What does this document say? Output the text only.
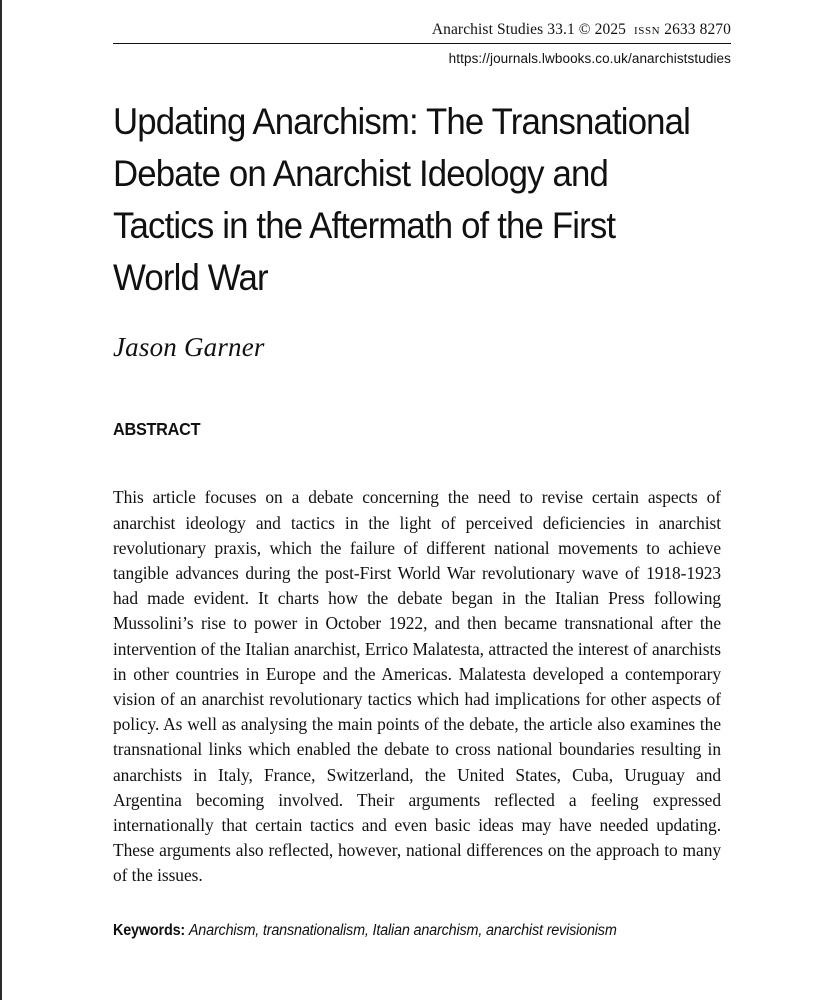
Anarchist Studies 33.1 © 2025 issn 2633 8270
https://journals.lwbooks.co.uk/anarchiststudies
Updating Anarchism: The Transnational
Debate on Anarchist Ideology and
Tactics in the Aftermath of the First
World War
Jason Garner
ABSTRACT

This article focuses on a debate concerning the need to revise certain aspects of anarchist ideology and tactics in the light of perceived deficiencies in anarchist revolutionary praxis, which the failure of different national movements to achieve tangible advances during the post-First World War revolutionary wave of 1918-1923 had made evident. It charts how the debate began in the Italian Press following Mussolini’s rise to power in October 1922, and then became transnational after the intervention of the Italian anarchist, Errico Malatesta, attracted the interest of anarchists in other countries in Europe and the Americas. Malatesta developed a contemporary vision of an anarchist revolutionary tactics which had implications for other aspects of policy. As well as analysing the main points of the debate, the article also examines the transnational links which enabled the debate to cross national boundaries resulting in anarchists in Italy, France, Switzerland, the United States, Cuba, Uruguay and Argentina becoming involved. Their arguments reflected a feeling expressed internationally that certain tactics and even basic ideas may have needed updating. These arguments also reflected, however, national differences on the approach to many of the issues.

Keywords: Anarchism, transnationalism, Italian anarchism, anarchist revisionism
